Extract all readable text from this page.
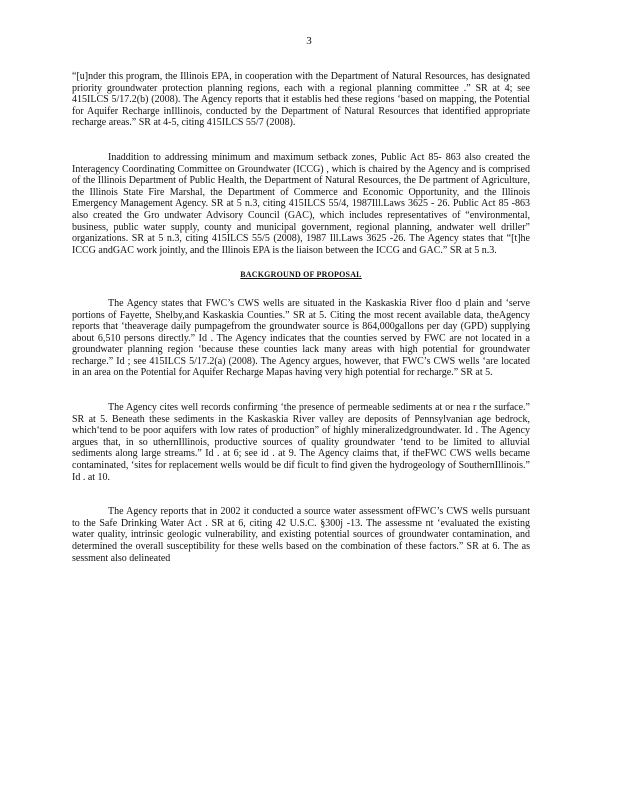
3

“[u]nder this program, the Illinois EPA, in cooperation with the Department of Natural Resources, has designated priority groundwater protection planning regions, each with a regional planning committee .” SR at 4; see 415ILCS 5/17.2(b) (2008). The Agency reports that it establis hed these regions ‘based on mapping, the Potential for Aquifer Recharge inIllinois, conducted by the Department of Natural Resources that identified appropriate recharge areas.” SR at 4-5, citing 415ILCS 55/7 (2008).

Inaddition to addressing minimum and maximum setback zones, Public Act 85- 863 also created the Interagency Coordinating Committee on Groundwater (ICCG) , which is chaired by the Agency and is comprised of the Illinois Department of Public Health, the Department of Natural Resources, the De partment of Agriculture, the Illinois State Fire Marshal, the Department of Commerce and Economic Opportunity, and the Illinois Emergency Management Agency. SR at 5 n.3, citing 415ILCS 55/4, 1987Ill.Laws 3625 - 26. Public Act 85 -863 also created the Gro undwater Advisory Council (GAC), which includes representatives of “environmental, business, public water supply, county and municipal government, regional planning, andwater well driller” organizations. SR at 5 n.3, citing 415ILCS 55/5 (2008), 1987 Ill.Laws 3625 -26. The Agency states that “[t]he ICCG andGAC work jointly, and the Illinois EPA is the liaison between the ICCG and GAC.” SR at 5 n.3.

BACKGROUND OF PROPOSAL

The Agency states that FWC’s CWS wells are situated in the Kaskaskia River floo d plain and ‘serve portions of Fayette, Shelby,and Kaskaskia Counties.” SR at 5. Citing the most recent available data, theAgency reports that ‘theaverage daily pumpagefrom the groundwater source is 864,000gallons per day (GPD) supplying about 6,510 persons directly.” Id . The Agency indicates that the counties served by FWC are not located in a groundwater planning region ‘because these counties lack many areas with high potential for groundwater recharge.” Id ; see 415ILCS 5/17.2(a) (2008). The Agency argues, however, that FWC’s CWS wells ‘are located in an area on the Potential for Aquifer Recharge Mapas having very high potential for recharge.” SR at 5.

The Agency cites well records confirming ‘the presence of permeable sediments at or nea r the surface.” SR at 5. Beneath these sediments in the Kaskaskia River valley are deposits of Pennsylvanian age bedrock, which‘tend to be poor aquifers with low rates of production” of highly mineralizedgroundwater. Id . The Agency argues that, in so uthernIllinois, productive sources of quality groundwater ‘tend to be limited to alluvial sediments along large streams.” Id . at 6; see id . at 9. The Agency claims that, if theFWC CWS wells became contaminated, ‘sites for replacement wells would be dif ficult to find given the hydrogeology of SouthernIllinois.” Id . at 10.

The Agency reports that in 2002 it conducted a source water assessment ofFWC’s CWS wells pursuant to the Safe Drinking Water Act . SR at 6, citing 42 U.S.C. §300j -13. The assessme nt ‘evaluated the existing water quality, intrinsic geologic vulnerability, and existing potential sources of groundwater contamination, and determined the overall susceptibility for these wells based on the combination of these factors.” SR at 6. The as sessment also delineated
